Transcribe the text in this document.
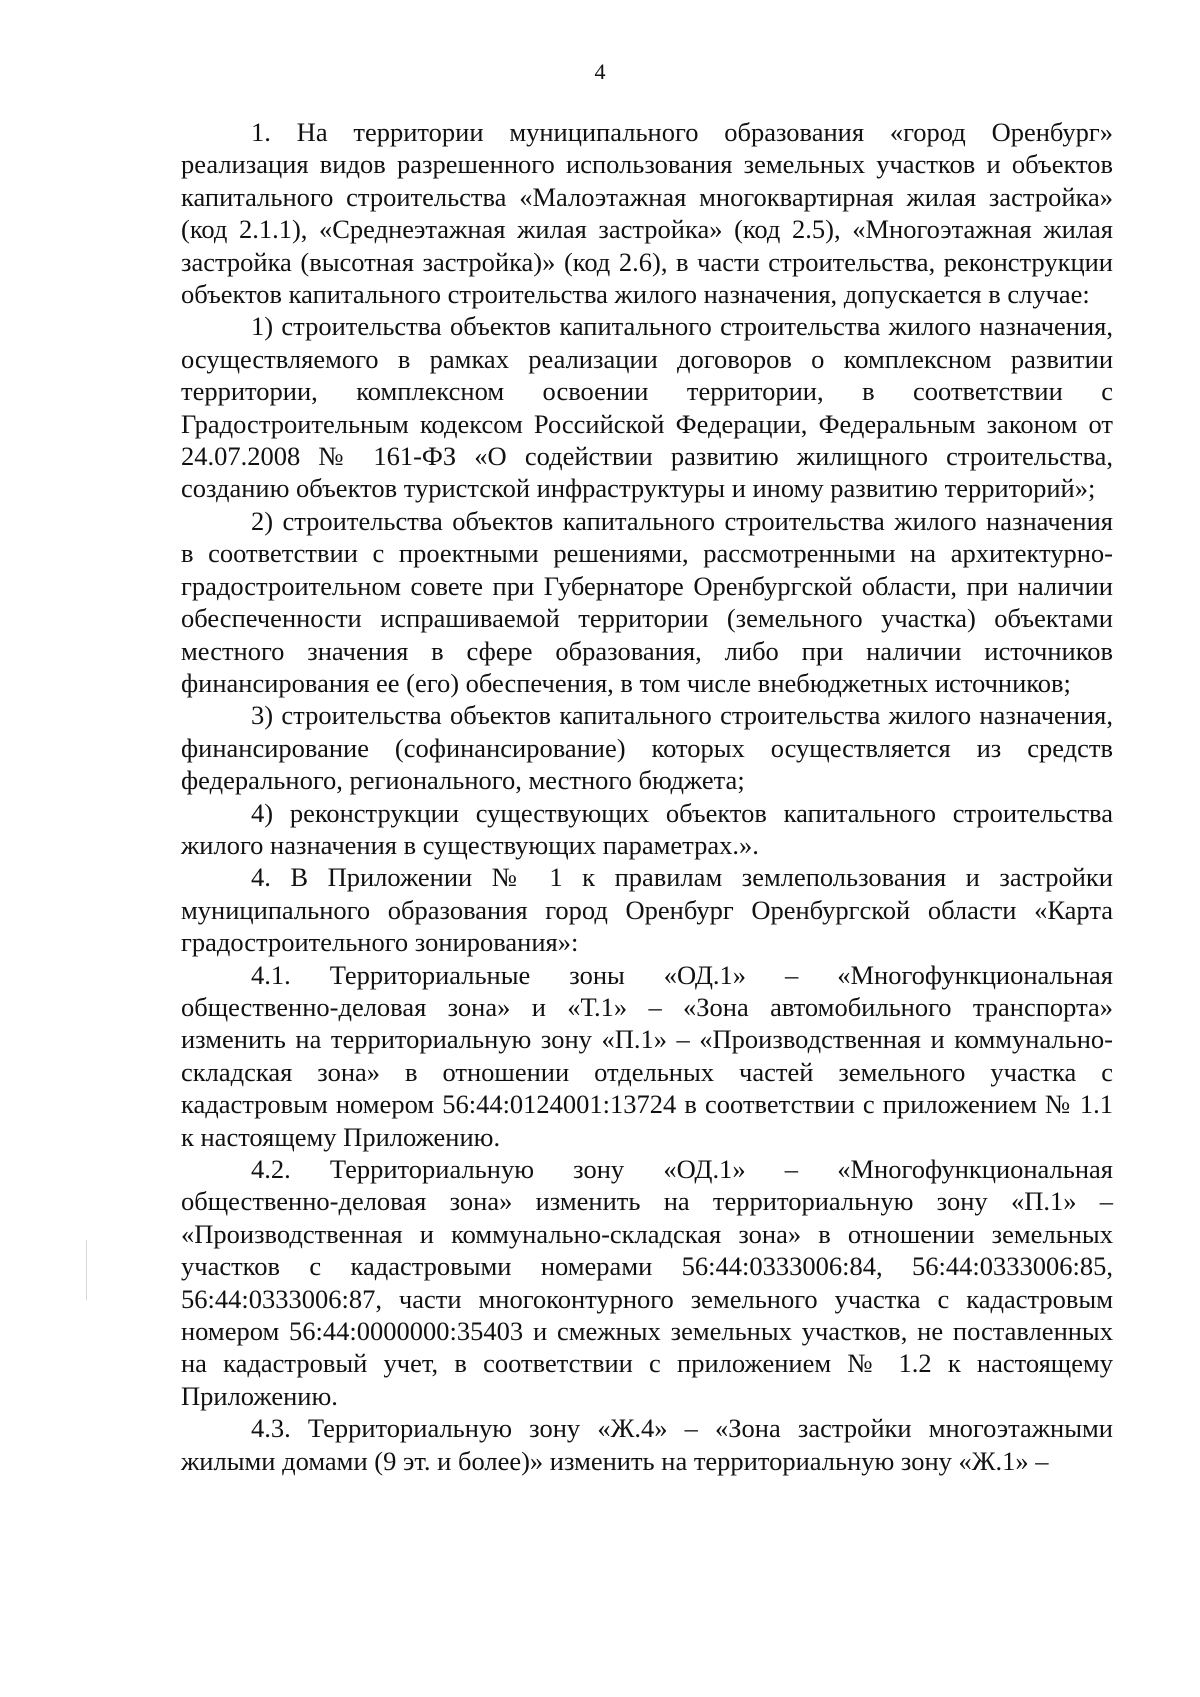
4

1. На территории муниципального образования «город Оренбург» реализация видов разрешенного использования земельных участков и объектов капитального строительства «Малоэтажная многоквартирная жилая застройка» (код 2.1.1), «Среднеэтажная жилая застройка» (код 2.5), «Многоэтажная жилая застройка (высотная застройка)» (код 2.6), в части строительства, реконструкции объектов капитального строительства жилого назначения, допускается в случае:

1) строительства объектов капитального строительства жилого назначения, осуществляемого в рамках реализации договоров о комплексном развитии территории, комплексном освоении территории, в соответствии с Градостроительным кодексом Российской Федерации, Федеральным законом от 24.07.2008 № 161-ФЗ «О содействии развитию жилищного строительства, созданию объектов туристской инфраструктуры и иному развитию территорий»;

2) строительства объектов капитального строительства жилого назначения в соответствии с проектными решениями, рассмотренными на архитектурно-градостроительном совете при Губернаторе Оренбургской области, при наличии обеспеченности испрашиваемой территории (земельного участка) объектами местного значения в сфере образования, либо при наличии источников финансирования ее (его) обеспечения, в том числе внебюджетных источников;

3) строительства объектов капитального строительства жилого назначения, финансирование (софинансирование) которых осуществляется из средств федерального, регионального, местного бюджета;

4) реконструкции существующих объектов капитального строительства жилого назначения в существующих параметрах.».

4. В Приложении № 1 к правилам землепользования и застройки муниципального образования город Оренбург Оренбургской области «Карта градостроительного зонирования»:

4.1. Территориальные зоны «ОД.1» – «Многофункциональная общественно-деловая зона» и «Т.1» – «Зона автомобильного транспорта» изменить на территориальную зону «П.1» – «Производственная и коммунально-складская зона» в отношении отдельных частей земельного участка с кадастровым номером 56:44:0124001:13724 в соответствии с приложением № 1.1 к настоящему Приложению.

4.2. Территориальную зону «ОД.1» – «Многофункциональная общественно-деловая зона» изменить на территориальную зону «П.1» – «Производственная и коммунально-складская зона» в отношении земельных участков с кадастровыми номерами 56:44:0333006:84, 56:44:0333006:85, 56:44:0333006:87, части многоконтурного земельного участка с кадастровым номером 56:44:0000000:35403 и смежных земельных участков, не поставленных на кадастровый учет, в соответствии с приложением № 1.2 к настоящему Приложению.

4.3. Территориальную зону «Ж.4» – «Зона застройки многоэтажными жилыми домами (9 эт. и более)» изменить на территориальную зону «Ж.1» –
